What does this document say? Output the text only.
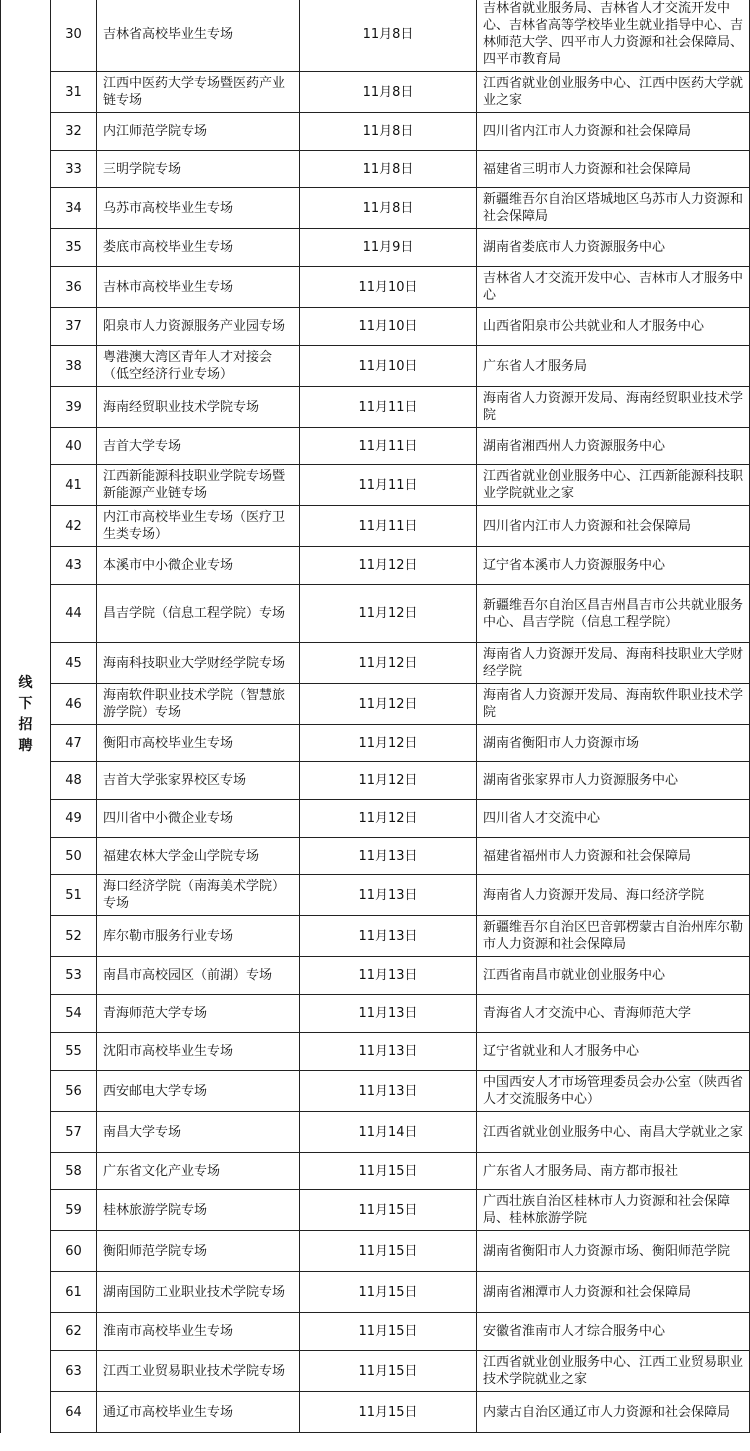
线下招聘	30	吉林省高校毕业生专场	11月8日	吉林省就业服务局、吉林省人才交流开发中心、吉林省高等学校毕业生就业指导中心、吉林师范大学、四平市人力资源和社会保障局、四平市教育局
	31	江西中医药大学专场暨医药产业链专场	11月8日	江西省就业创业服务中心、江西中医药大学就业之家
	32	内江师范学院专场	11月8日	四川省内江市人力资源和社会保障局
	33	三明学院专场	11月8日	福建省三明市人力资源和社会保障局
	34	乌苏市高校毕业生专场	11月8日	新疆维吾尔自治区塔城地区乌苏市人力资源和社会保障局
	35	娄底市高校毕业生专场	11月9日	湖南省娄底市人力资源服务中心
	36	吉林市高校毕业生专场	11月10日	吉林省人才交流开发中心、吉林市人才服务中心
	37	阳泉市人力资源服务产业园专场	11月10日	山西省阳泉市公共就业和人才服务中心
	38	粤港澳大湾区青年人才对接会（低空经济行业专场）	11月10日	广东省人才服务局
	39	海南经贸职业技术学院专场	11月11日	海南省人力资源开发局、海南经贸职业技术学院
	40	吉首大学专场	11月11日	湖南省湘西州人力资源服务中心
	41	江西新能源科技职业学院专场暨新能源产业链专场	11月11日	江西省就业创业服务中心、江西新能源科技职业学院就业之家
	42	内江市高校毕业生专场（医疗卫生类专场）	11月11日	四川省内江市人力资源和社会保障局
	43	本溪市中小微企业专场	11月12日	辽宁省本溪市人力资源服务中心
	44	昌吉学院（信息工程学院）专场	11月12日	新疆维吾尔自治区昌吉州昌吉市公共就业服务中心、昌吉学院（信息工程学院）
	45	海南科技职业大学财经学院专场	11月12日	海南省人力资源开发局、海南科技职业大学财经学院
	46	海南软件职业技术学院（智慧旅游学院）专场	11月12日	海南省人力资源开发局、海南软件职业技术学院
	47	衡阳市高校毕业生专场	11月12日	湖南省衡阳市人力资源市场
	48	吉首大学张家界校区专场	11月12日	湖南省张家界市人力资源服务中心
	49	四川省中小微企业专场	11月12日	四川省人才交流中心
	50	福建农林大学金山学院专场	11月13日	福建省福州市人力资源和社会保障局
	51	海口经济学院（南海美术学院）专场	11月13日	海南省人力资源开发局、海口经济学院
	52	库尔勒市服务行业专场	11月13日	新疆维吾尔自治区巴音郭楞蒙古自治州库尔勒市人力资源和社会保障局
	53	南昌市高校园区（前湖）专场	11月13日	江西省南昌市就业创业服务中心
	54	青海师范大学专场	11月13日	青海省人才交流中心、青海师范大学
	55	沈阳市高校毕业生专场	11月13日	辽宁省就业和人才服务中心
	56	西安邮电大学专场	11月13日	中国西安人才市场管理委员会办公室（陕西省人才交流服务中心）
	57	南昌大学专场	11月14日	江西省就业创业服务中心、南昌大学就业之家
	58	广东省文化产业专场	11月15日	广东省人才服务局、南方都市报社
	59	桂林旅游学院专场	11月15日	广西壮族自治区桂林市人力资源和社会保障局、桂林旅游学院
	60	衡阳师范学院专场	11月15日	湖南省衡阳市人力资源市场、衡阳师范学院
	61	湖南国防工业职业技术学院专场	11月15日	湖南省湘潭市人力资源和社会保障局
	62	淮南市高校毕业生专场	11月15日	安徽省淮南市人才综合服务中心
	63	江西工业贸易职业技术学院专场	11月15日	江西省就业创业服务中心、江西工业贸易职业技术学院就业之家
	64	通辽市高校毕业生专场	11月15日	内蒙古自治区通辽市人力资源和社会保障局
